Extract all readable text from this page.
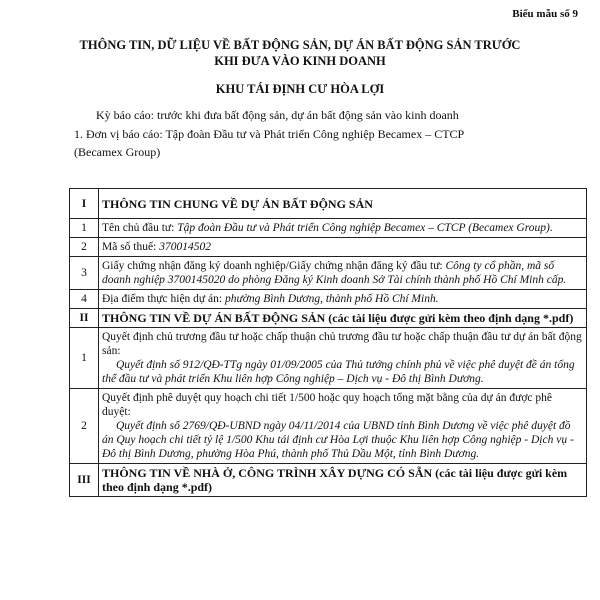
Biểu mẫu số 9
THÔNG TIN, DỮ LIỆU VỀ BẤT ĐỘNG SẢN, DỰ ÁN BẤT ĐỘNG SẢN TRƯỚC
KHI ĐƯA VÀO KINH DOANH
KHU TÁI ĐỊNH CƯ HÒA LỢI
Kỳ báo cáo: trước khi đưa bất động sản, dự án bất động sản vào kinh doanh
1. Đơn vị báo cáo: Tập đoàn Đầu tư và Phát triển Công nghiệp Becamex – CTCP
(Becamex Group)
I	THÔNG TIN CHUNG VỀ DỰ ÁN BẤT ĐỘNG SẢN
1	Tên chủ đầu tư: Tập đoàn Đầu tư và Phát triển Công nghiệp Becamex – CTCP (Becamex Group).
2	Mã số thuế: 370014502
3	Giấy chứng nhận đăng ký doanh nghiệp/Giấy chứng nhận đăng ký đầu tư: Công ty cổ phần, mã số doanh nghiệp 3700145020 do phòng Đăng ký Kinh doanh Sở Tài chính thành phố Hồ Chí Minh cấp.
4	Địa điểm thực hiện dự án: phường Bình Dương, thành phố Hồ Chí Minh.
II	THÔNG TIN VỀ DỰ ÁN BẤT ĐỘNG SẢN (các tài liệu được gửi kèm theo định dạng *.pdf)
1	Quyết định chủ trương đầu tư hoặc chấp thuận chủ trương đầu tư hoặc chấp thuận đầu tư dự án bất động sản:
Quyết định số 912/QĐ-TTg ngày 01/09/2005 của Thủ tướng chính phủ về việc phê duyệt đề án tổng thể đầu tư và phát triển Khu liên hợp Công nghiệp – Dịch vụ - Đô thị Bình Dương.

2	Quyết định phê duyệt quy hoạch chi tiết 1/500 hoặc quy hoạch tổng mặt bằng của dự án được phê duyệt:
Quyết định số 2769/QĐ-UBND ngày 04/11/2014 của UBND tỉnh Bình Dương về việc phê duyệt đồ án Quy hoạch chi tiết tỷ lệ 1/500 Khu tái định cư Hòa Lợi thuộc Khu liên hợp Công nghiệp - Dịch vụ - Đô thị Bình Dương, phường Hòa Phú, thành phố Thủ Dầu Một, tỉnh Bình Dương.

III	THÔNG TIN VỀ NHÀ Ở, CÔNG TRÌNH XÂY DỰNG CÓ SẴN (các tài liệu được gửi kèm theo định dạng *.pdf)
